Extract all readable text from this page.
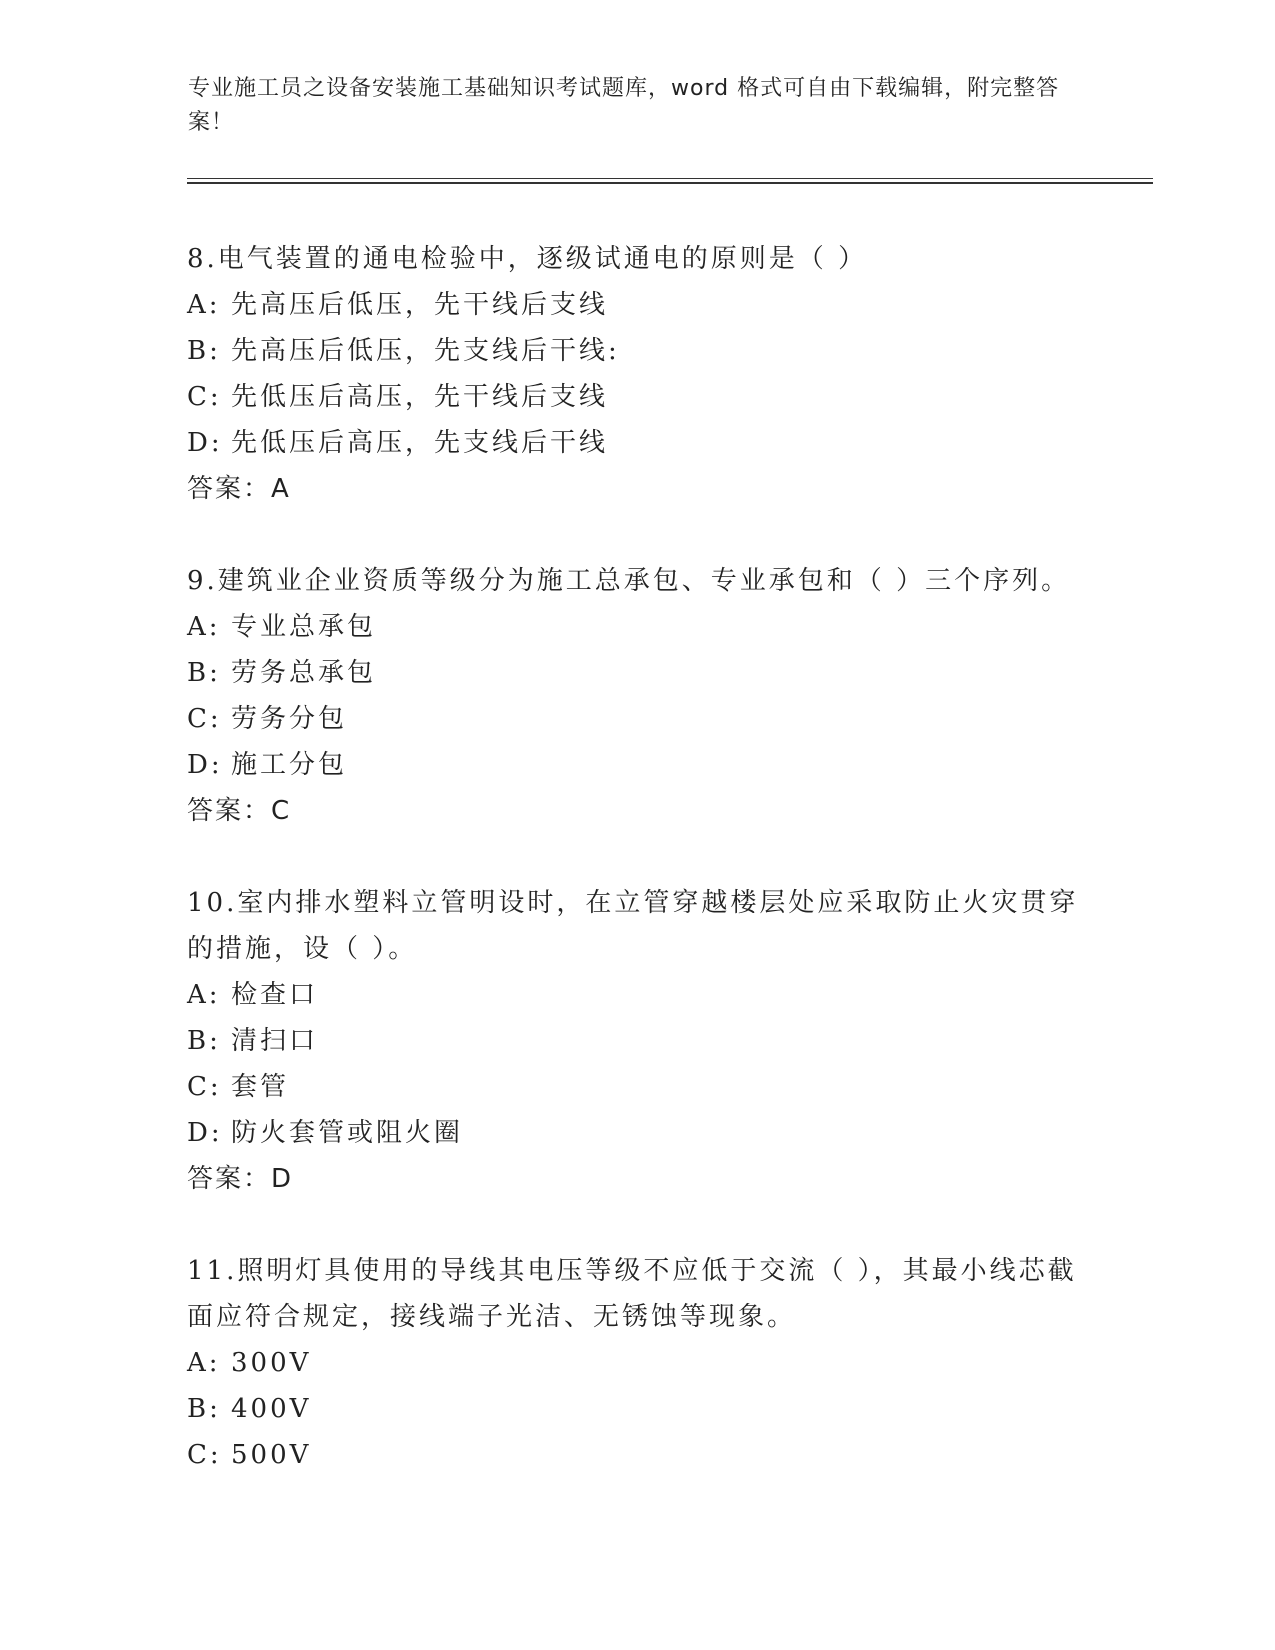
专业施工员之设备安装施工基础知识考试题库，word 格式可自由下载编辑，附完整答案！
8.电气装置的通电检验中，逐级试通电的原则是（ ）
A: 先高压后低压，先干线后支线
B: 先高压后低压，先支线后干线:
C: 先低压后高压，先干线后支线
D: 先低压后高压，先支线后干线
答案：A
9.建筑业企业资质等级分为施工总承包、专业承包和（ ）三个序列。
A: 专业总承包
B: 劳务总承包
C: 劳务分包
D: 施工分包
答案：C
10.室内排水塑料立管明设时，在立管穿越楼层处应采取防止火灾贯穿的措施，设（ ）。
A: 检查口
B: 清扫口
C: 套管
D: 防火套管或阻火圈
答案：D
11.照明灯具使用的导线其电压等级不应低于交流（ ），其最小线芯截面应符合规定，接线端子光洁、无锈蚀等现象。
A: 300V
B: 400V
C: 500V
